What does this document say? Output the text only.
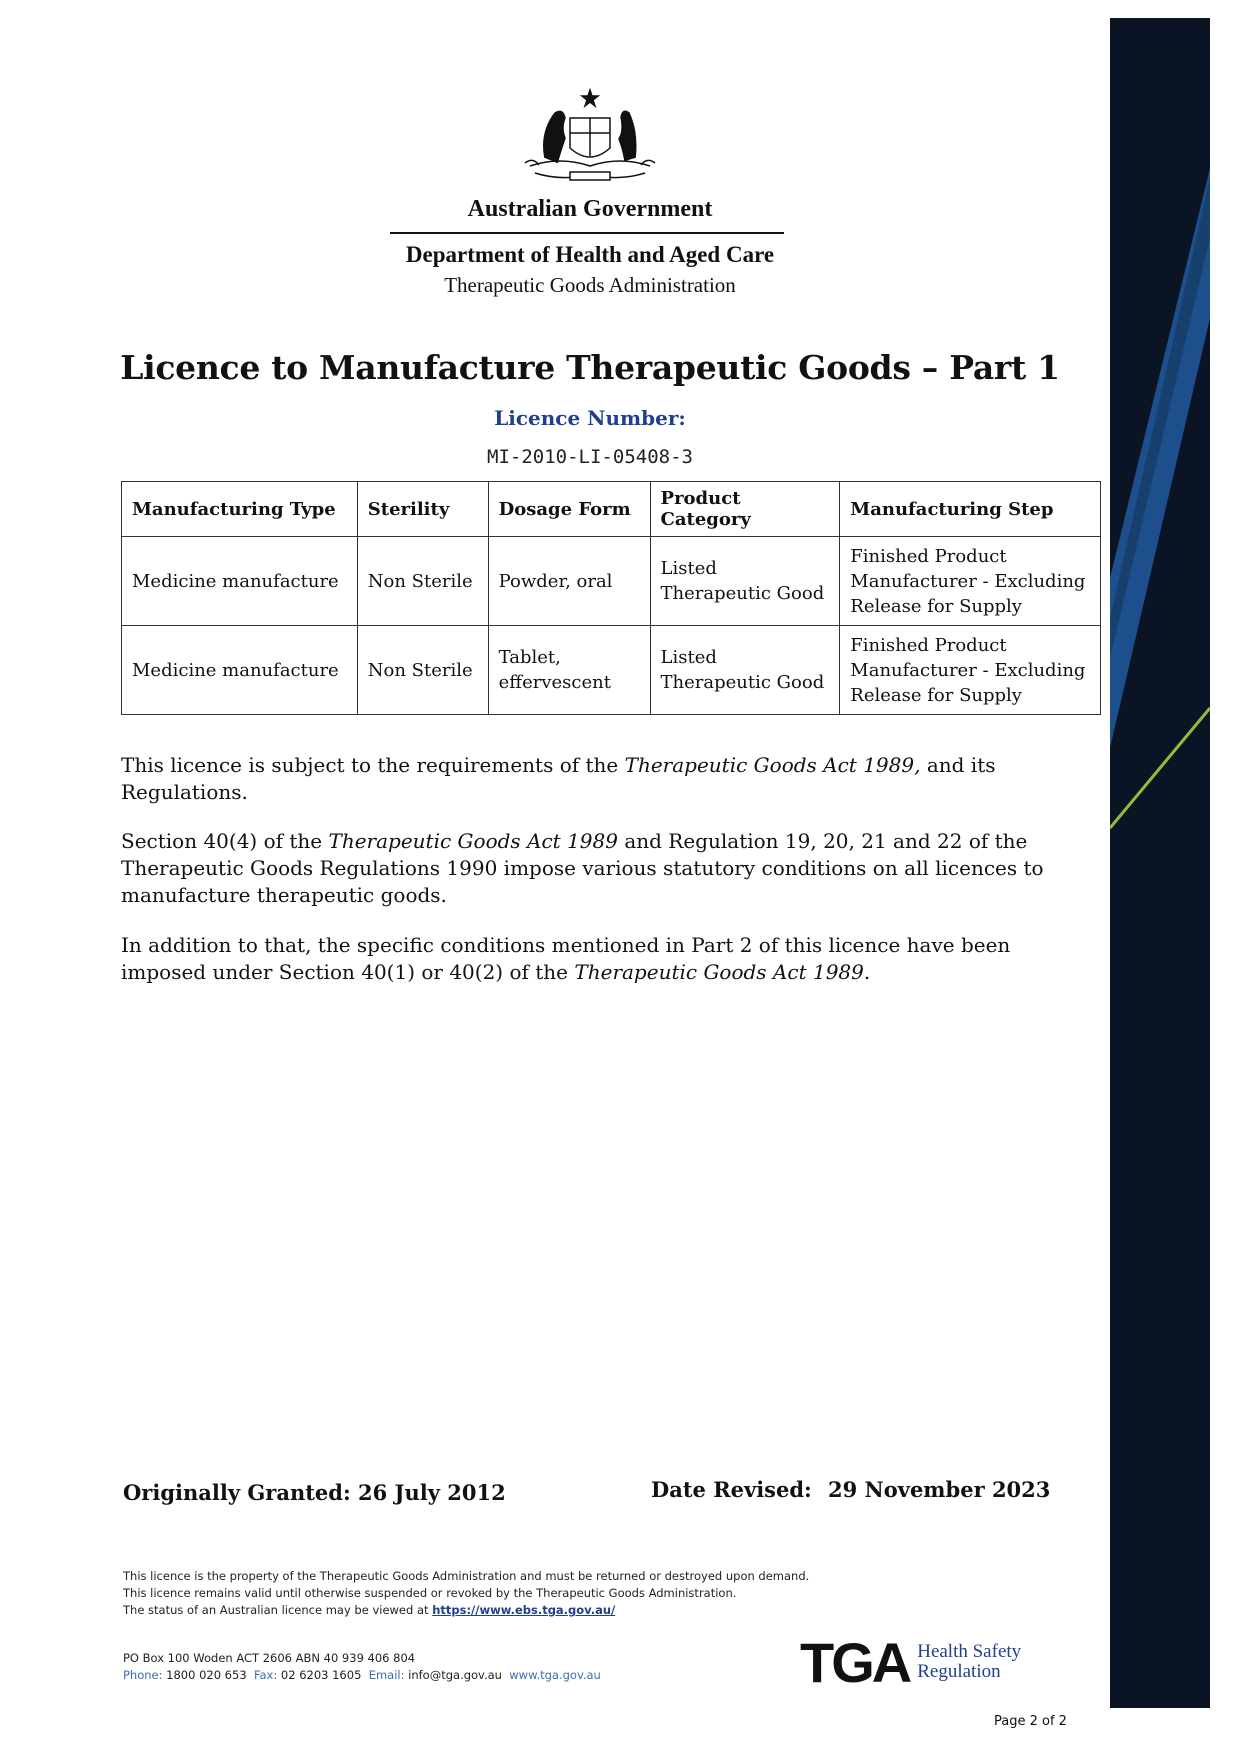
Australian Government
Department of Health and Aged Care
Therapeutic Goods Administration
Licence to Manufacture Therapeutic Goods – Part 1
Licence Number:
MI-2010-LI-05408-3
Manufacturing Type	Sterility	Dosage Form	Product Category	Manufacturing Step
Medicine manufacture	Non Sterile	Powder, oral	Listed Therapeutic Good	Finished Product Manufacturer - Excluding Release for Supply
Medicine manufacture	Non Sterile	Tablet, effervescent	Listed Therapeutic Good	Finished Product Manufacturer - Excluding Release for Supply
This licence is subject to the requirements of the Therapeutic Goods Act 1989, and its Regulations.
Section 40(4) of the Therapeutic Goods Act 1989 and Regulation 19, 20, 21 and 22 of the Therapeutic Goods Regulations 1990 impose various statutory conditions on all licences to manufacture therapeutic goods.
In addition to that, the specific conditions mentioned in Part 2 of this licence have been imposed under Section 40(1) or 40(2) of the Therapeutic Goods Act 1989.
Originally Granted: 26 July 2012	Date Revised: 29 November 2023
This licence is the property of the Therapeutic Goods Administration and must be returned or destroyed upon demand.
This licence remains valid until otherwise suspended or revoked by the Therapeutic Goods Administration.
The status of an Australian licence may be viewed at https://www.ebs.tga.gov.au/
PO Box 100 Woden ACT 2606 ABN 40 939 406 804
Phone: 1800 020 653 Fax: 02 6203 1605 Email: info@tga.gov.au www.tga.gov.au	TGA Health Safety
Regulation
Page 2 of 2
